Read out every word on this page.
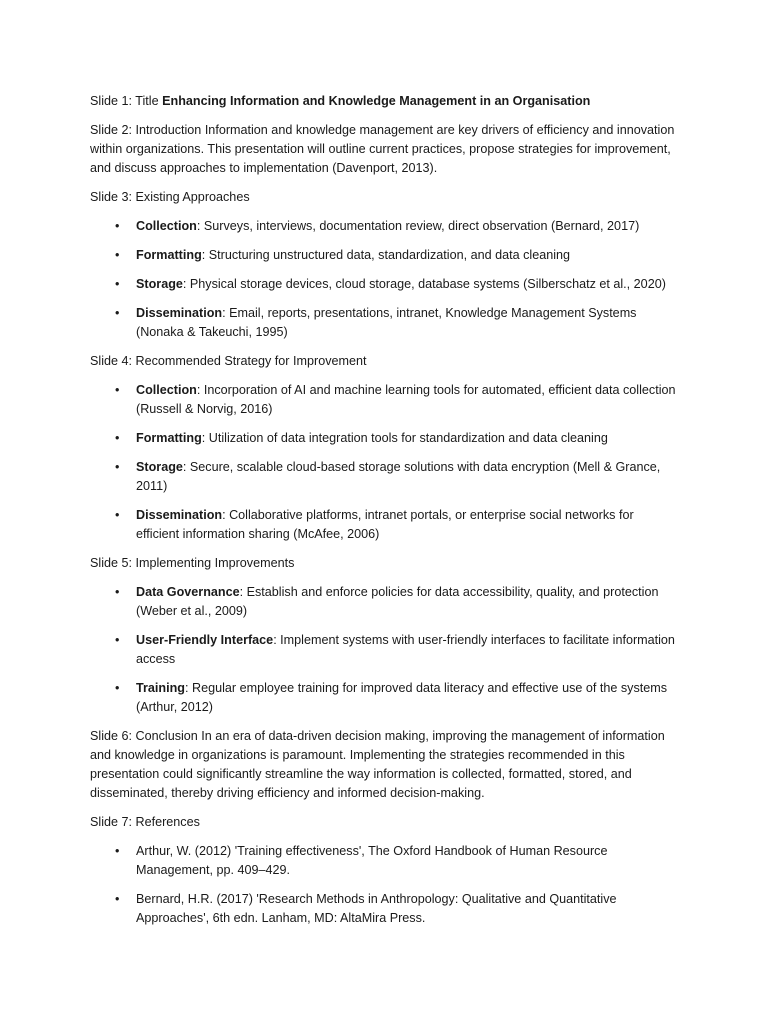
Slide 1: Title Enhancing Information and Knowledge Management in an Organisation

Slide 2: Introduction Information and knowledge management are key drivers of efficiency and innovation within organizations. This presentation will outline current practices, propose strategies for improvement, and discuss approaches to implementation (Davenport, 2013).

Slide 3: Existing Approaches

• Collection: Surveys, interviews, documentation review, direct observation (Bernard, 2017)
• Formatting: Structuring unstructured data, standardization, and data cleaning
• Storage: Physical storage devices, cloud storage, database systems (Silberschatz et al., 2020)
• Dissemination: Email, reports, presentations, intranet, Knowledge Management Systems (Nonaka & Takeuchi, 1995)

Slide 4: Recommended Strategy for Improvement

• Collection: Incorporation of AI and machine learning tools for automated, efficient data collection (Russell & Norvig, 2016)
• Formatting: Utilization of data integration tools for standardization and data cleaning
• Storage: Secure, scalable cloud-based storage solutions with data encryption (Mell & Grance, 2011)
• Dissemination: Collaborative platforms, intranet portals, or enterprise social networks for efficient information sharing (McAfee, 2006)

Slide 5: Implementing Improvements

• Data Governance: Establish and enforce policies for data accessibility, quality, and protection (Weber et al., 2009)
• User-Friendly Interface: Implement systems with user-friendly interfaces to facilitate information access
• Training: Regular employee training for improved data literacy and effective use of the systems (Arthur, 2012)

Slide 6: Conclusion In an era of data-driven decision making, improving the management of information and knowledge in organizations is paramount. Implementing the strategies recommended in this presentation could significantly streamline the way information is collected, formatted, stored, and disseminated, thereby driving efficiency and informed decision-making.

Slide 7: References

• Arthur, W. (2012) 'Training effectiveness', The Oxford Handbook of Human Resource Management, pp. 409–429.
• Bernard, H.R. (2017) 'Research Methods in Anthropology: Qualitative and Quantitative Approaches', 6th edn. Lanham, MD: AltaMira Press.
